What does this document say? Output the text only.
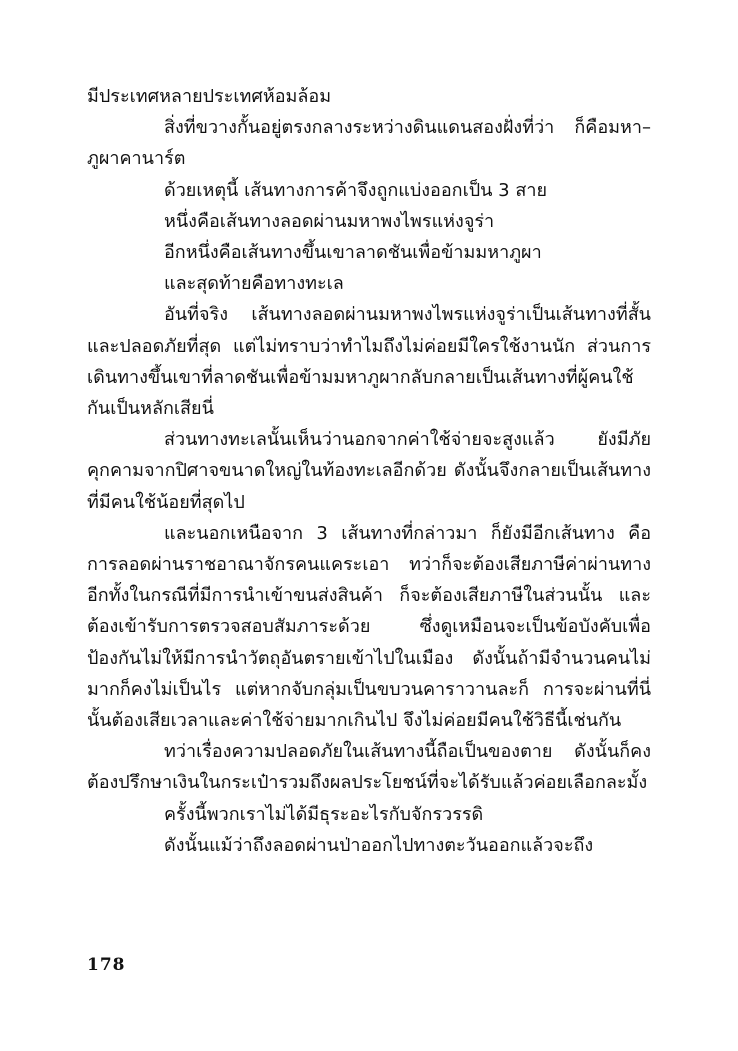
มีประเทศหลายประเทศห้อมล้อม

สิ่งที่ขวางกั้นอยู่ตรงกลางระหว่างดินแดนสองฝั่งที่ว่า ก็คือมหา–ภูผาคานาร์ต

ด้วยเหตุนี้ เส้นทางการค้าจึงถูกแบ่งออกเป็น 3 สาย

หนึ่งคือเส้นทางลอดผ่านมหาพงไพรแห่งจูร่า

อีกหนึ่งคือเส้นทางขึ้นเขาลาดชันเพื่อข้ามมหาภูผา

และสุดท้ายคือทางทะเล

อันที่จริง เส้นทางลอดผ่านมหาพงไพรแห่งจูร่าเป็นเส้นทางที่สั้นและปลอดภัยที่สุด แต่ไม่ทราบว่าทำไมถึงไม่ค่อยมีใครใช้งานนัก ส่วนการเดินทางขึ้นเขาที่ลาดชันเพื่อข้ามมหาภูผากลับกลายเป็นเส้นทางที่ผู้คนใช้กันเป็นหลักเสียนี่

ส่วนทางทะเลนั้นเห็นว่านอกจากค่าใช้จ่ายจะสูงแล้ว ยังมีภัยคุกคามจากปิศาจขนาดใหญ่ในท้องทะเลอีกด้วย ดังนั้นจึงกลายเป็นเส้นทางที่มีคนใช้น้อยที่สุดไป

และนอกเหนือจาก 3 เส้นทางที่กล่าวมา ก็ยังมีอีกเส้นทาง คือการลอดผ่านราชอาณาจักรคนแคระเอา ทว่าก็จะต้องเสียภาษีค่าผ่านทาง อีกทั้งในกรณีที่มีการนำเข้าขนส่งสินค้า ก็จะต้องเสียภาษีในส่วนนั้น และต้องเข้ารับการตรวจสอบสัมภาระด้วย ซึ่งดูเหมือนจะเป็นข้อบังคับเพื่อป้องกันไม่ให้มีการนำวัตถุอันตรายเข้าไปในเมือง ดังนั้นถ้ามีจำนวนคนไม่มากก็คงไม่เป็นไร แต่หากจับกลุ่มเป็นขบวนคาราวานละก็ การจะผ่านที่นี่นั้นต้องเสียเวลาและค่าใช้จ่ายมากเกินไป จึงไม่ค่อยมีคนใช้วิธีนี้เช่นกัน

ทว่าเรื่องความปลอดภัยในเส้นทางนี้ถือเป็นของตาย ดังนั้นก็คงต้องปรึกษาเงินในกระเป๋ารวมถึงผลประโยชน์ที่จะได้รับแล้วค่อยเลือกละมั้ง

ครั้งนี้พวกเราไม่ได้มีธุระอะไรกับจักรวรรดิ

ดังนั้นแม้ว่าถึงลอดผ่านป่าออกไปทางตะวันออกแล้วจะถึง

178
